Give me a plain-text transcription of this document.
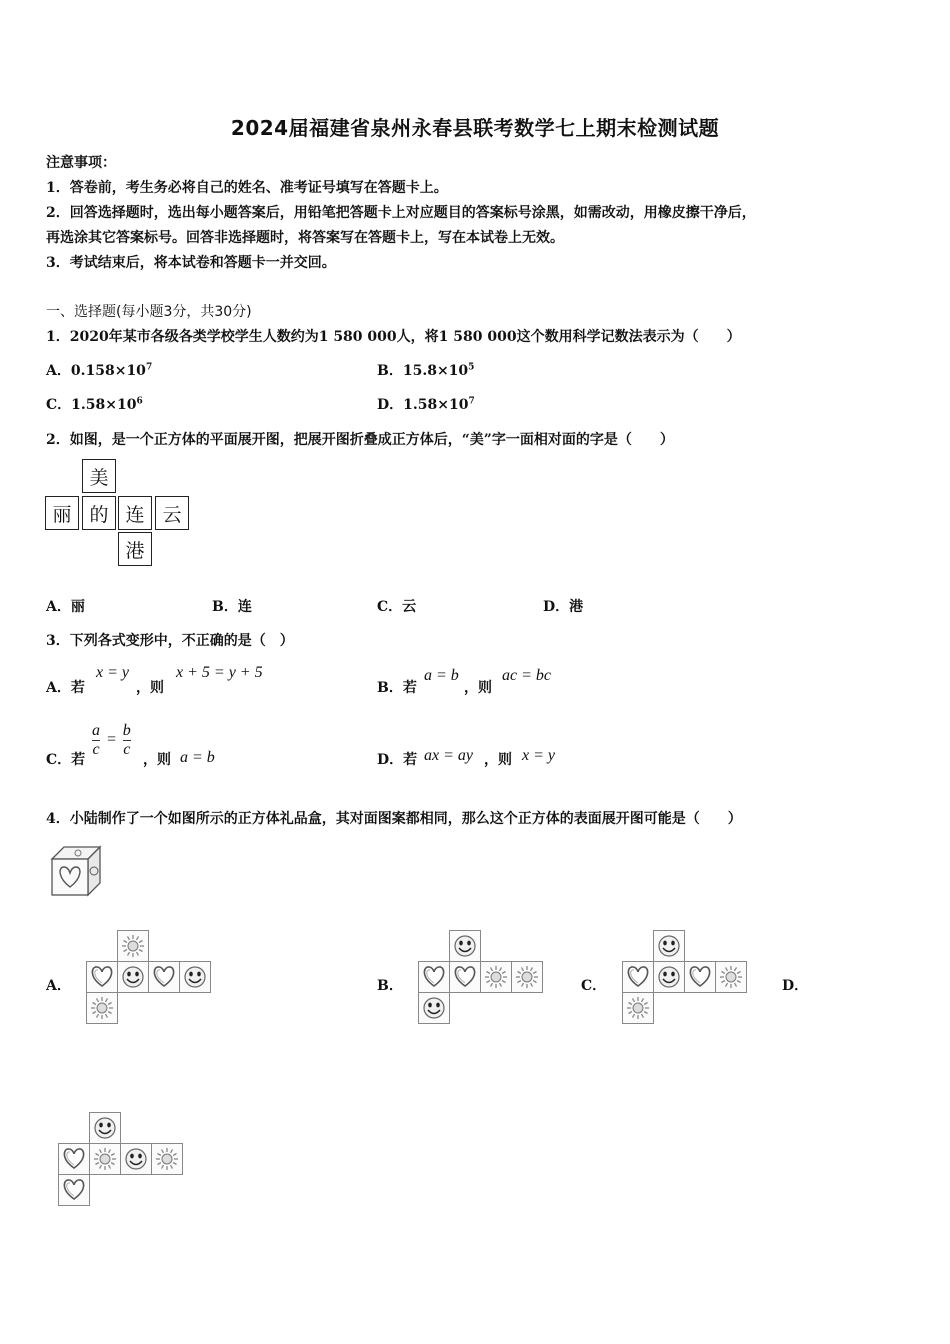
2024届福建省泉州永春县联考数学七上期末检测试题
注意事项：
1．答卷前，考生务必将自己的姓名、准考证号填写在答题卡上。
2．回答选择题时，选出每小题答案后，用铅笔把答题卡上对应题目的答案标号涂黑，如需改动，用橡皮擦干净后，
再选涂其它答案标号。回答非选择题时，将答案写在答题卡上，写在本试卷上无效。
3．考试结束后，将本试卷和答题卡一并交回。
一、选择题(每小题3分，共30分)
1．2020年某市各级各类学校学生人数约为1 580 000人，将1 580 000这个数用科学记数法表示为（　　）
A．$0.158\times 10^7$	B．$15.8\times 10^5$
C．$1.58\times 10^6$	D．$1.58\times 10^7$
2．如图，是一个正方体的平面展开图，把展开图折叠成正方体后，“美”字一面相对面的字是（　　）
美
丽 的 连 云
港
A．丽	B．连	C．云	D．港
3．下列各式变形中，不正确的是（　）
A．若
x = y
，则
x + 5 = y + 5
B．若
a = b
，则
ac = bc
C．若
$\frac{a}{c} = \frac{b}{c}$
，则 a = b	D．若 ax = ay ，则 x = y
4．小陆制作了一个如图所示的正方体礼品盒，其对面图案都相同，那么这个正方体的表面展开图可能是（　　）
A．	B．	C．	D．
